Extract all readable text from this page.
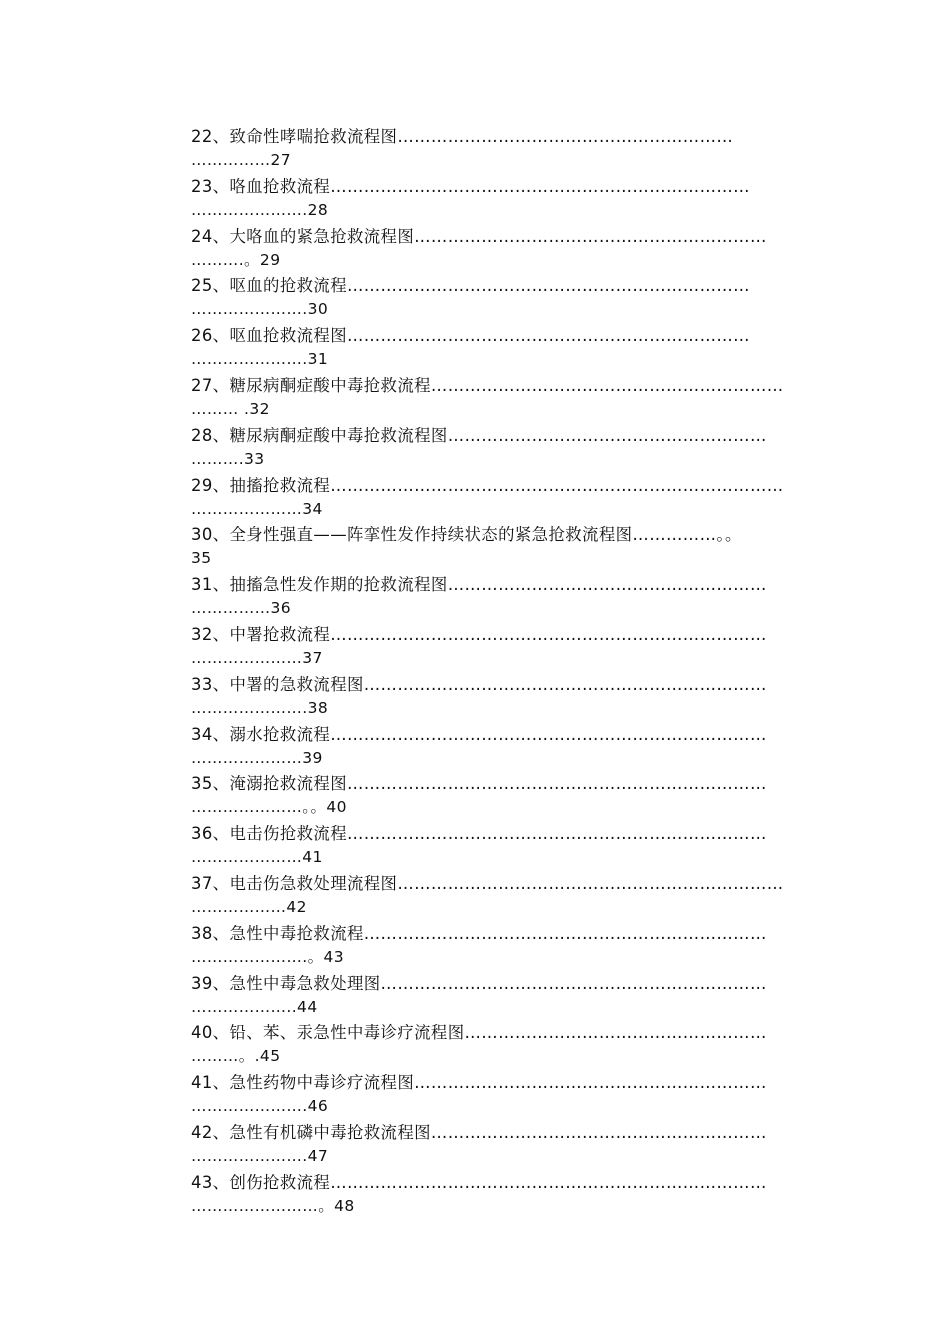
22、致命性哮喘抢救流程图……………………………………………………
……………27
23、咯血抢救流程…………………………………………………………………
………………….28
24、大咯血的紧急抢救流程图………………………………………………………
……….。29
25、呕血的抢救流程………………………………………………………………
………………….30
26、呕血抢救流程图………………………………………………………………
………………….31
27、糖尿病酮症酸中毒抢救流程………………………………………………………
……… .32
28、糖尿病酮症酸中毒抢救流程图…………………………………………………
……….33
29、抽搐抢救流程………………………………………………………………………
…………………34
30、全身性强直——阵挛性发作持续状态的紧急抢救流程图……………。。
35
31、抽搐急性发作期的抢救流程图…………………………………………………
……………36
32、中署抢救流程……………………………………………………………………
…………………37
33、中署的急救流程图………………………………………………………………
………………….38
34、溺水抢救流程……………………………………………………………………
…………………39
35、淹溺抢救流程图…………………………………………………………………
…………………。。40
36、电击伤抢救流程…………………………………………………………………
…………………41
37、电击伤急救处理流程图……………………………………………………………
………………42
38、急性中毒抢救流程………………………………………………………………
………………….。43
39、急性中毒急救处理图……………………………………………………………
………………..44
40、铅、苯、汞急性中毒诊疗流程图………………………………………………
………。.45
41、急性药物中毒诊疗流程图………………………………………………………
………………….46
42、急性有机磷中毒抢救流程图……………………………………………………
………………….47
43、创伤抢救流程……………………………………………………………………
……………………。48
